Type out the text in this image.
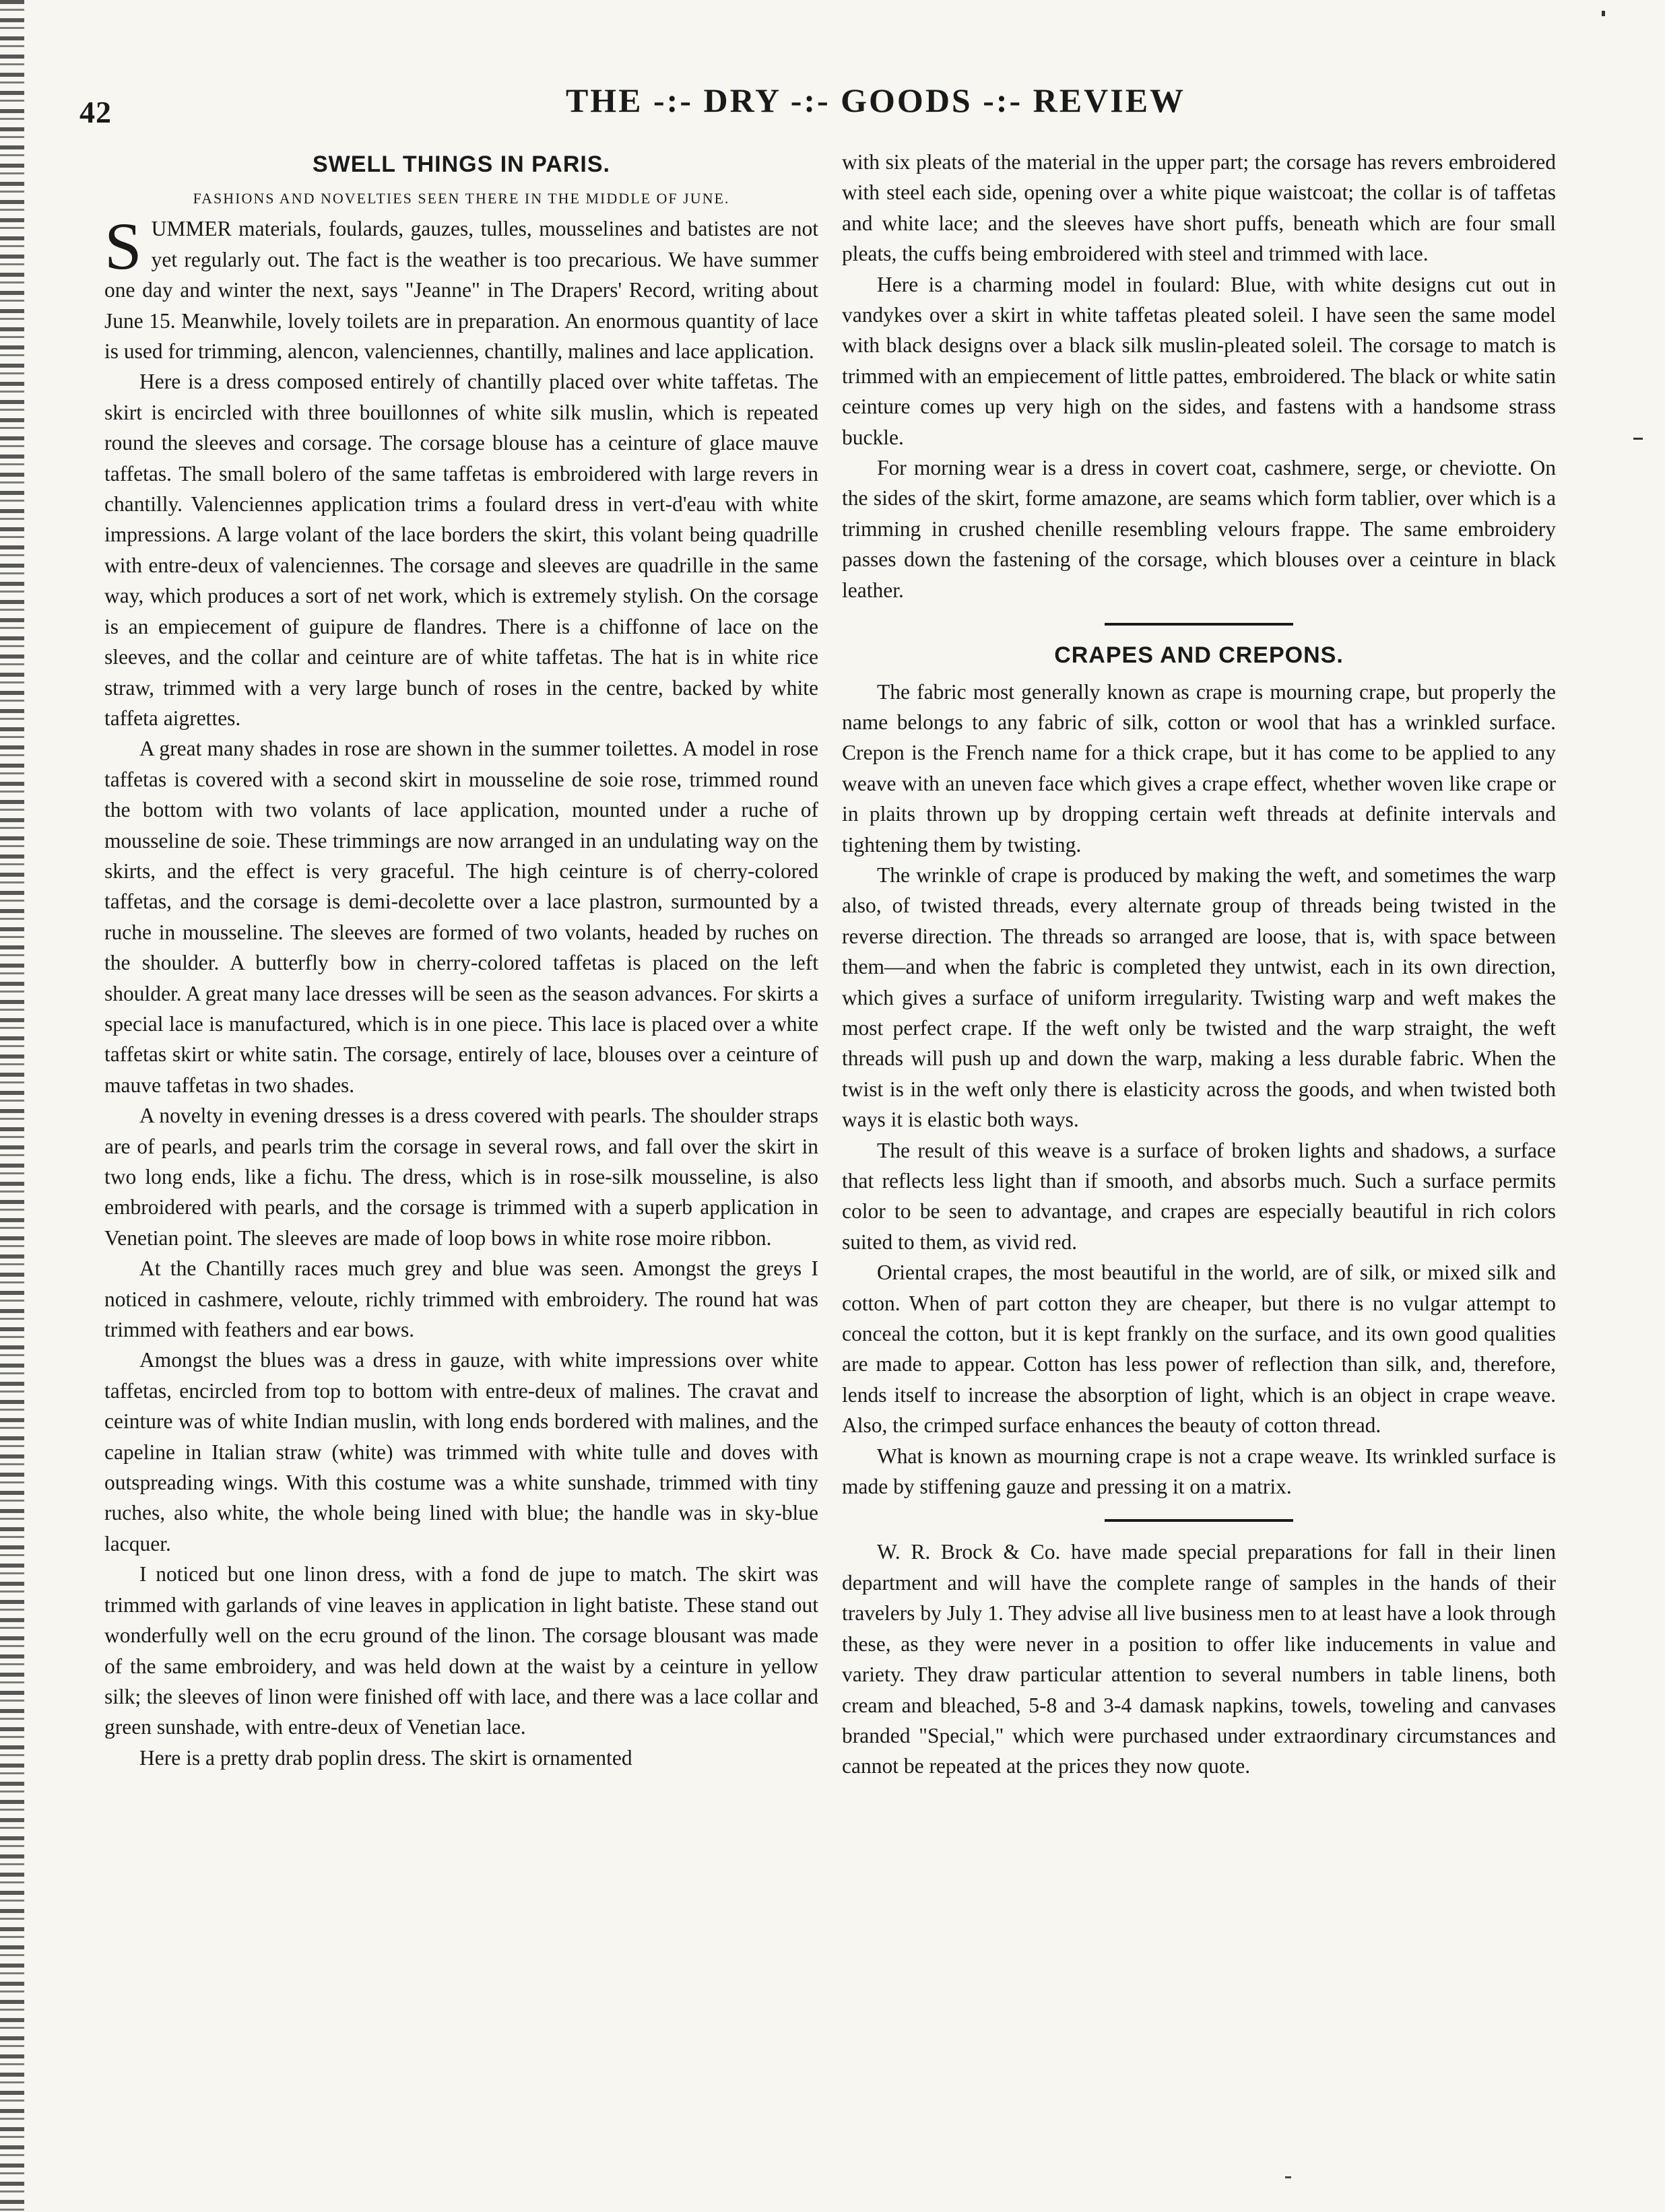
42	THE -:- DRY -:- GOODS -:- REVIEW
SWELL THINGS IN PARIS.
FASHIONS AND NOVELTIES SEEN THERE IN THE MIDDLE OF JUNE.

SUMMER materials, foulards, gauzes, tulles, mousselines and batistes are not yet regularly out. The fact is the weather is too precarious. We have summer one day and winter the next, says "Jeanne" in The Drapers' Record, writing about June 15. Meanwhile, lovely toilets are in preparation. An enormous quantity of lace is used for trimming, alencon, valenciennes, chantilly, malines and lace application.

Here is a dress composed entirely of chantilly placed over white taffetas. The skirt is encircled with three bouillonnes of white silk muslin, which is repeated round the sleeves and corsage. The corsage blouse has a ceinture of glace mauve taffetas. The small bolero of the same taffetas is embroidered with large revers in chantilly. Valenciennes application trims a foulard dress in vert-d'eau with white impressions. A large volant of the lace borders the skirt, this volant being quadrille with entre-deux of valenciennes. The corsage and sleeves are quadrille in the same way, which produces a sort of net work, which is extremely stylish. On the corsage is an empiecement of guipure de flandres. There is a chiffonne of lace on the sleeves, and the collar and ceinture are of white taffetas. The hat is in white rice straw, trimmed with a very large bunch of roses in the centre, backed by white taffeta aigrettes.

A great many shades in rose are shown in the summer toilettes. A model in rose taffetas is covered with a second skirt in mousseline de soie rose, trimmed round the bottom with two volants of lace application, mounted under a ruche of mousseline de soie. These trimmings are now arranged in an undulating way on the skirts, and the effect is very graceful. The high ceinture is of cherry-colored taffetas, and the corsage is demi-decolette over a lace plastron, surmounted by a ruche in mousseline. The sleeves are formed of two volants, headed by ruches on the shoulder. A butterfly bow in cherry-colored taffetas is placed on the left shoulder. A great many lace dresses will be seen as the season advances. For skirts a special lace is manufactured, which is in one piece. This lace is placed over a white taffetas skirt or white satin. The corsage, entirely of lace, blouses over a ceinture of mauve taffetas in two shades.

A novelty in evening dresses is a dress covered with pearls. The shoulder straps are of pearls, and pearls trim the corsage in several rows, and fall over the skirt in two long ends, like a fichu. The dress, which is in rose-silk mousseline, is also embroidered with pearls, and the corsage is trimmed with a superb application in Venetian point. The sleeves are made of loop bows in white rose moire ribbon.

At the Chantilly races much grey and blue was seen. Amongst the greys I noticed in cashmere, veloute, richly trimmed with embroidery. The round hat was trimmed with feathers and ear bows.

Amongst the blues was a dress in gauze, with white impressions over white taffetas, encircled from top to bottom with entre-deux of malines. The cravat and ceinture was of white Indian muslin, with long ends bordered with malines, and the capeline in Italian straw (white) was trimmed with white tulle and doves with outspreading wings. With this costume was a white sunshade, trimmed with tiny ruches, also white, the whole being lined with blue; the handle was in sky-blue lacquer.

I noticed but one linon dress, with a fond de jupe to match. The skirt was trimmed with garlands of vine leaves in application in light batiste. These stand out wonderfully well on the ecru ground of the linon. The corsage blousant was made of the same embroidery, and was held down at the waist by a ceinture in yellow silk; the sleeves of linon were finished off with lace, and there was a lace collar and green sunshade, with entre-deux of Venetian lace.

Here is a pretty drab poplin dress. The skirt is ornamented

with six pleats of the material in the upper part; the corsage has revers embroidered with steel each side, opening over a white pique waistcoat; the collar is of taffetas and white lace; and the sleeves have short puffs, beneath which are four small pleats, the cuffs being embroidered with steel and trimmed with lace.

Here is a charming model in foulard: Blue, with white designs cut out in vandykes over a skirt in white taffetas pleated soleil. I have seen the same model with black designs over a black silk muslin-pleated soleil. The corsage to match is trimmed with an empiecement of little pattes, embroidered. The black or white satin ceinture comes up very high on the sides, and fastens with a handsome strass buckle.

For morning wear is a dress in covert coat, cashmere, serge, or cheviotte. On the sides of the skirt, forme amazone, are seams which form tablier, over which is a trimming in crushed chenille resembling velours frappe. The same embroidery passes down the fastening of the corsage, which blouses over a ceinture in black leather.

CRAPES AND CREPONS.

The fabric most generally known as crape is mourning crape, but properly the name belongs to any fabric of silk, cotton or wool that has a wrinkled surface. Crepon is the French name for a thick crape, but it has come to be applied to any weave with an uneven face which gives a crape effect, whether woven like crape or in plaits thrown up by dropping certain weft threads at definite intervals and tightening them by twisting.

The wrinkle of crape is produced by making the weft, and sometimes the warp also, of twisted threads, every alternate group of threads being twisted in the reverse direction. The threads so arranged are loose, that is, with space between them—and when the fabric is completed they untwist, each in its own direction, which gives a surface of uniform irregularity. Twisting warp and weft makes the most perfect crape. If the weft only be twisted and the warp straight, the weft threads will push up and down the warp, making a less durable fabric. When the twist is in the weft only there is elasticity across the goods, and when twisted both ways it is elastic both ways.

The result of this weave is a surface of broken lights and shadows, a surface that reflects less light than if smooth, and absorbs much. Such a surface permits color to be seen to advantage, and crapes are especially beautiful in rich colors suited to them, as vivid red.

Oriental crapes, the most beautiful in the world, are of silk, or mixed silk and cotton. When of part cotton they are cheaper, but there is no vulgar attempt to conceal the cotton, but it is kept frankly on the surface, and its own good qualities are made to appear. Cotton has less power of reflection than silk, and, therefore, lends itself to increase the absorption of light, which is an object in crape weave. Also, the crimped surface enhances the beauty of cotton thread.

What is known as mourning crape is not a crape weave. Its wrinkled surface is made by stiffening gauze and pressing it on a matrix.

W. R. Brock & Co. have made special preparations for fall in their linen department and will have the complete range of samples in the hands of their travelers by July 1. They advise all live business men to at least have a look through these, as they were never in a position to offer like inducements in value and variety. They draw particular attention to several numbers in table linens, both cream and bleached, 5-8 and 3-4 damask napkins, towels, toweling and canvases branded "Special," which were purchased under extraordinary circumstances and cannot be repeated at the prices they now quote.
